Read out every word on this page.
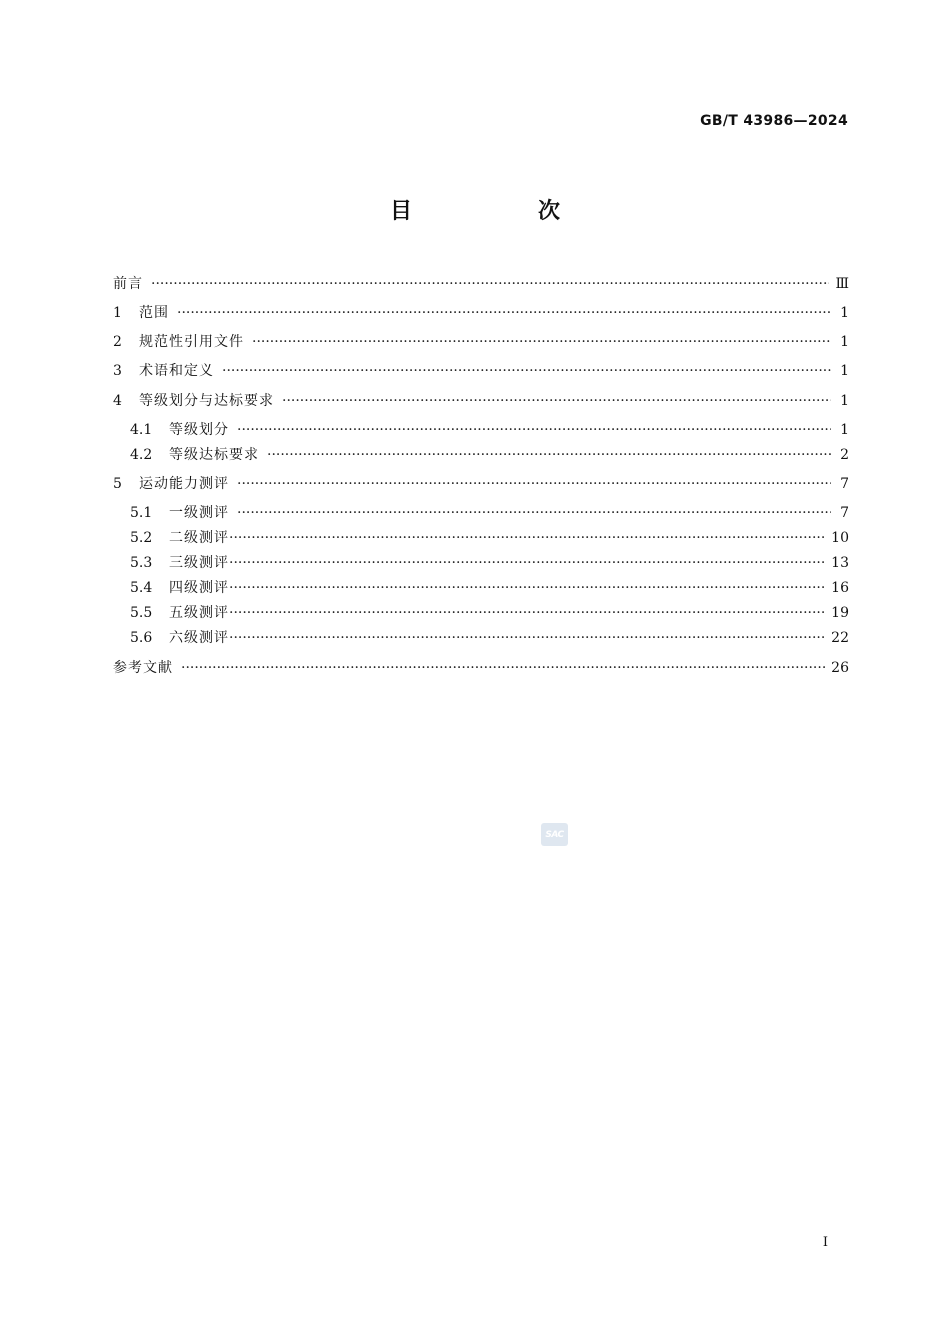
GB/T 43986—2024
目　次
前言 ·····	Ⅲ
1	范围 ·····	1
2	规范性引用文件 ·····	1
3	术语和定义 ·····	1
4	等级划分与达标要求 ·····	1
4.1	等级划分 ·····	1
4.2	等级达标要求 ·····	2
5	运动能力测评 ·····	7
5.1	一级测评 ·····	7
5.2	二级测评 ·····	10
5.3	三级测评 ·····	13
5.4	四级测评 ·····	16
5.5	五级测评 ·····	19
5.6	六级测评 ·····	22
参考文献 ·····	26
SAC
I
